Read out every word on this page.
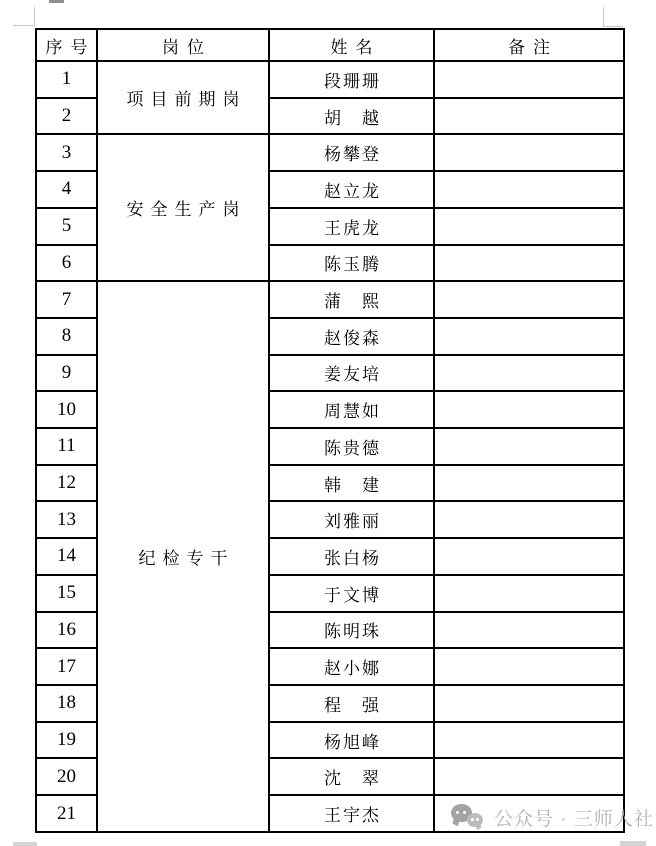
序号	岗位	姓名	备注
1	项目前期岗	段珊珊	
2		胡　越	
3	安全生产岗	杨攀登	
4		赵立龙	
5		王虎龙	
6		陈玉腾	
7	纪检专干	蒲　熙	
8		赵俊森	
9		姜友培	
10		周慧如	
11		陈贵德	
12		韩　建	
13		刘雅丽	
14		张白杨	
15		于文博	
16		陈明珠	
17		赵小娜	
18		程　强	
19		杨旭峰	
20		沈　翠	
21		王宇杰		公众号 · 三师人社
